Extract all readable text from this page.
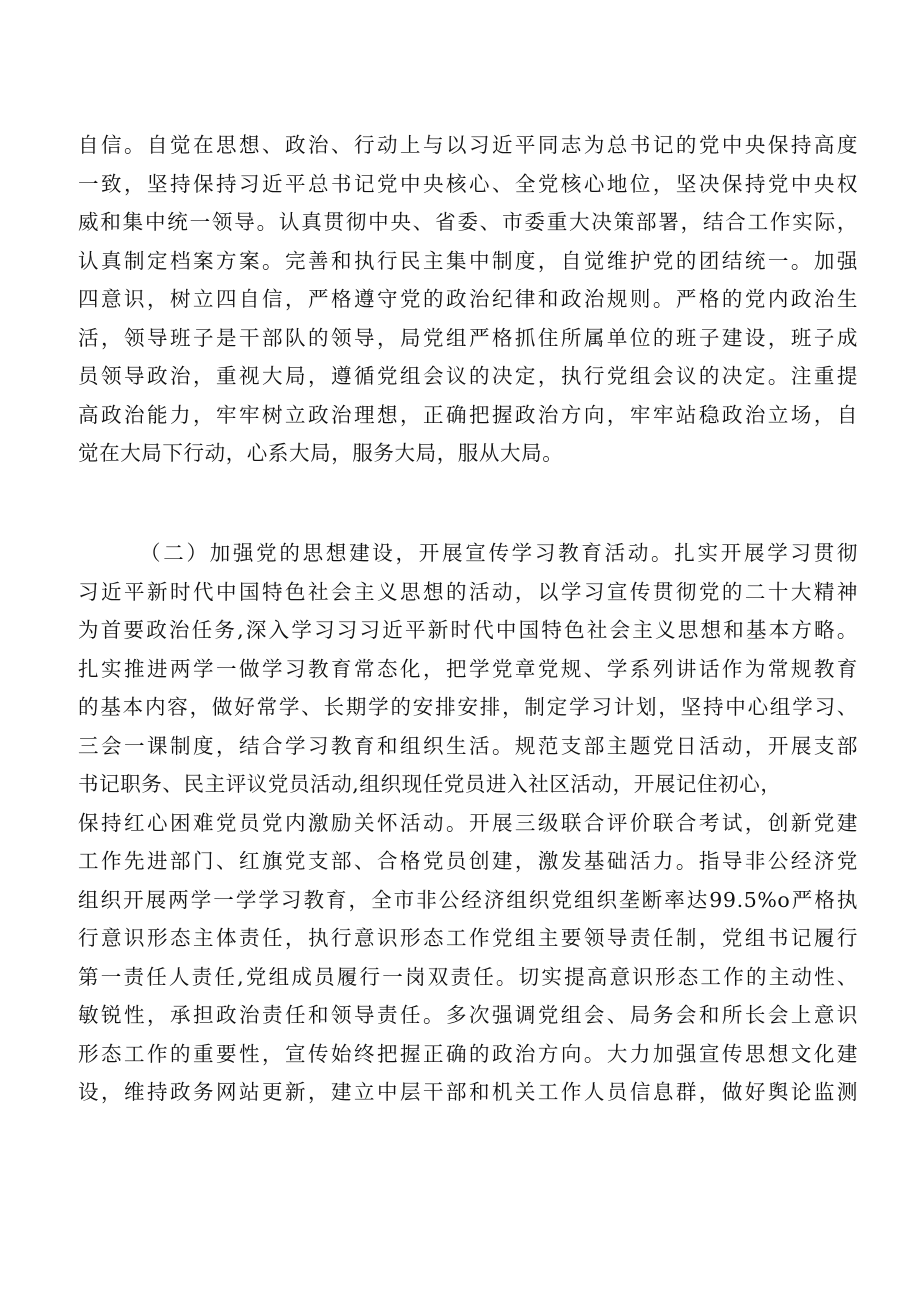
自信。自觉在思想、政治、行动上与以习近平同志为总书记的党中央保持高度
一致，坚持保持习近平总书记党中央核心、全党核心地位，坚决保持党中央权
威和集中统一领导。认真贯彻中央、省委、市委重大决策部署，结合工作实际，
认真制定档案方案。完善和执行民主集中制度，自觉维护党的团结统一。加强
四意识，树立四自信，严格遵守党的政治纪律和政治规则。严格的党内政治生
活，领导班子是干部队的领导，局党组严格抓住所属单位的班子建设，班子成
员领导政治，重视大局，遵循党组会议的决定，执行党组会议的决定。注重提
高政治能力，牢牢树立政治理想，正确把握政治方向，牢牢站稳政治立场，自
觉在大局下行动，心系大局，服务大局，服从大局。
（二）加强党的思想建设，开展宣传学习教育活动。扎实开展学习贯彻
习近平新时代中国特色社会主义思想的活动，以学习宣传贯彻党的二十大精神
为首要政治任务,深入学习习习近平新时代中国特色社会主义思想和基本方略。
扎实推进两学一做学习教育常态化，把学党章党规、学系列讲话作为常规教育
的基本内容，做好常学、长期学的安排安排，制定学习计划，坚持中心组学习、
三会一课制度，结合学习教育和组织生活。规范支部主题党日活动，开展支部
书记职务、民主评议党员活动,组织现任党员进入社区活动，开展记住初心，
保持红心困难党员党内激励关怀活动。开展三级联合评价联合考试，创新党建
工作先进部门、红旗党支部、合格党员创建，激发基础活力。指导非公经济党
组织开展两学一学学习教育，全市非公经济组织党组织垄断率达99.5%o严格执
行意识形态主体责任，执行意识形态工作党组主要领导责任制，党组书记履行
第一责任人责任,党组成员履行一岗双责任。切实提高意识形态工作的主动性、
敏锐性，承担政治责任和领导责任。多次强调党组会、局务会和所长会上意识
形态工作的重要性，宣传始终把握正确的政治方向。大力加强宣传思想文化建
设，维持政务网站更新，建立中层干部和机关工作人员信息群，做好舆论监测
